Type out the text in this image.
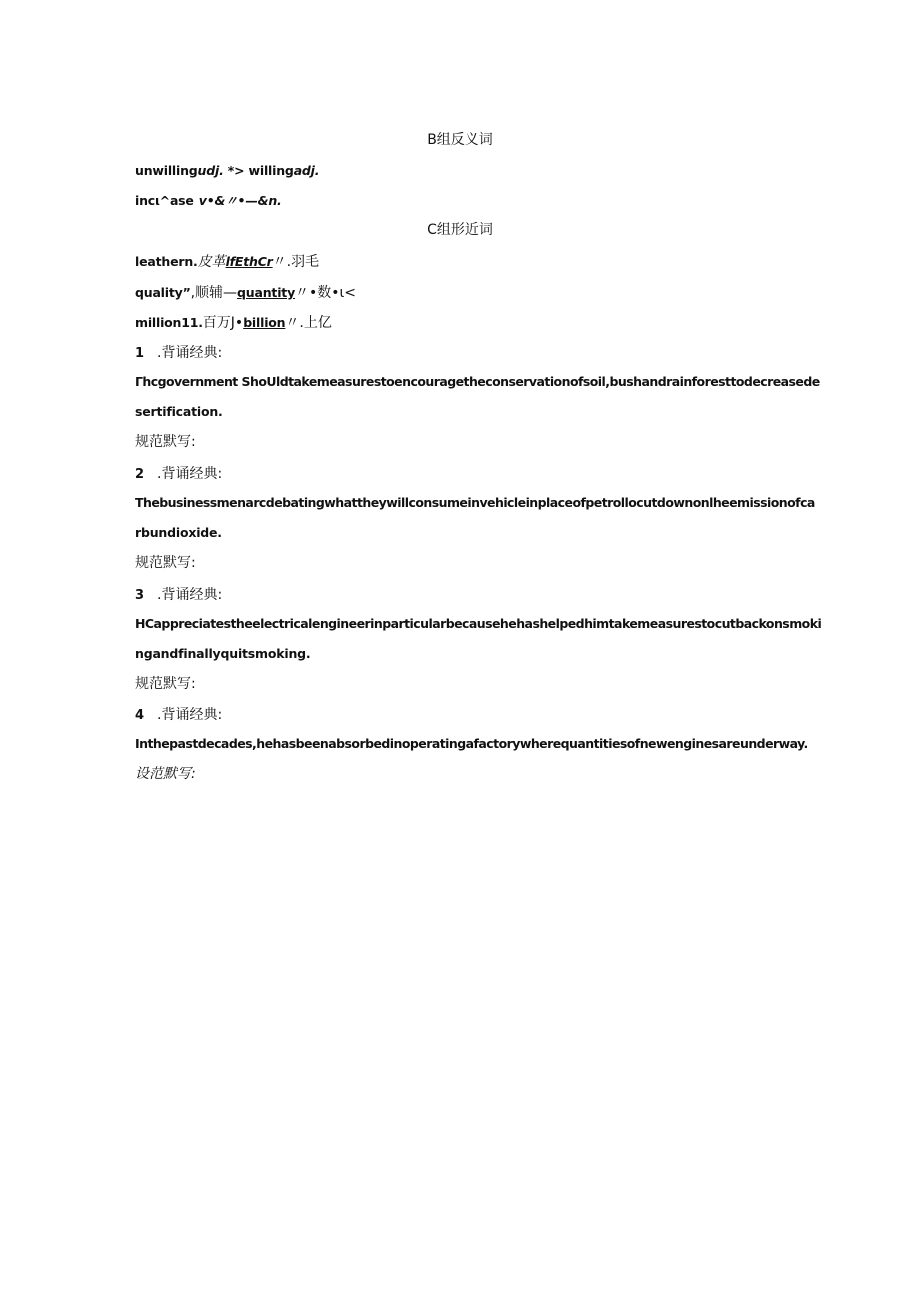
B组反义词
unwillingudj. *> willingadj.
incι^ase v•&〃•—&n.
C组形近词
leathern.皮革lfEthCr〃.羽毛
quality”,顺辅—quantity〃•数•ι<
million11.百万J•billion〃.上亿
1 .背诵经典:
Γhcgovernment ShoUldtakemeasurestoencouragetheconservationofsoil,bushandrainforesttodecreasede
sertification.
规范默写:
2 .背诵经典:
Thebusinessmenarcdebatingwhattheywillconsumeinvehicleinplaceofpetrollocutdownonlheemissionofca
rbundioxide.
规范默写:
3 .背诵经典:
HCappreciatestheelectricalengineerinparticularbecausehehashelpedhimtakemeasurestocutbackonsmoki
ngandfinallyquitsmoking.
规范默写:
4 .背诵经典:
Inthepastdecades,hehasbeenabsorbedinoperatingafactorywherequantitiesofnewenginesareunderway.
设范默写:
